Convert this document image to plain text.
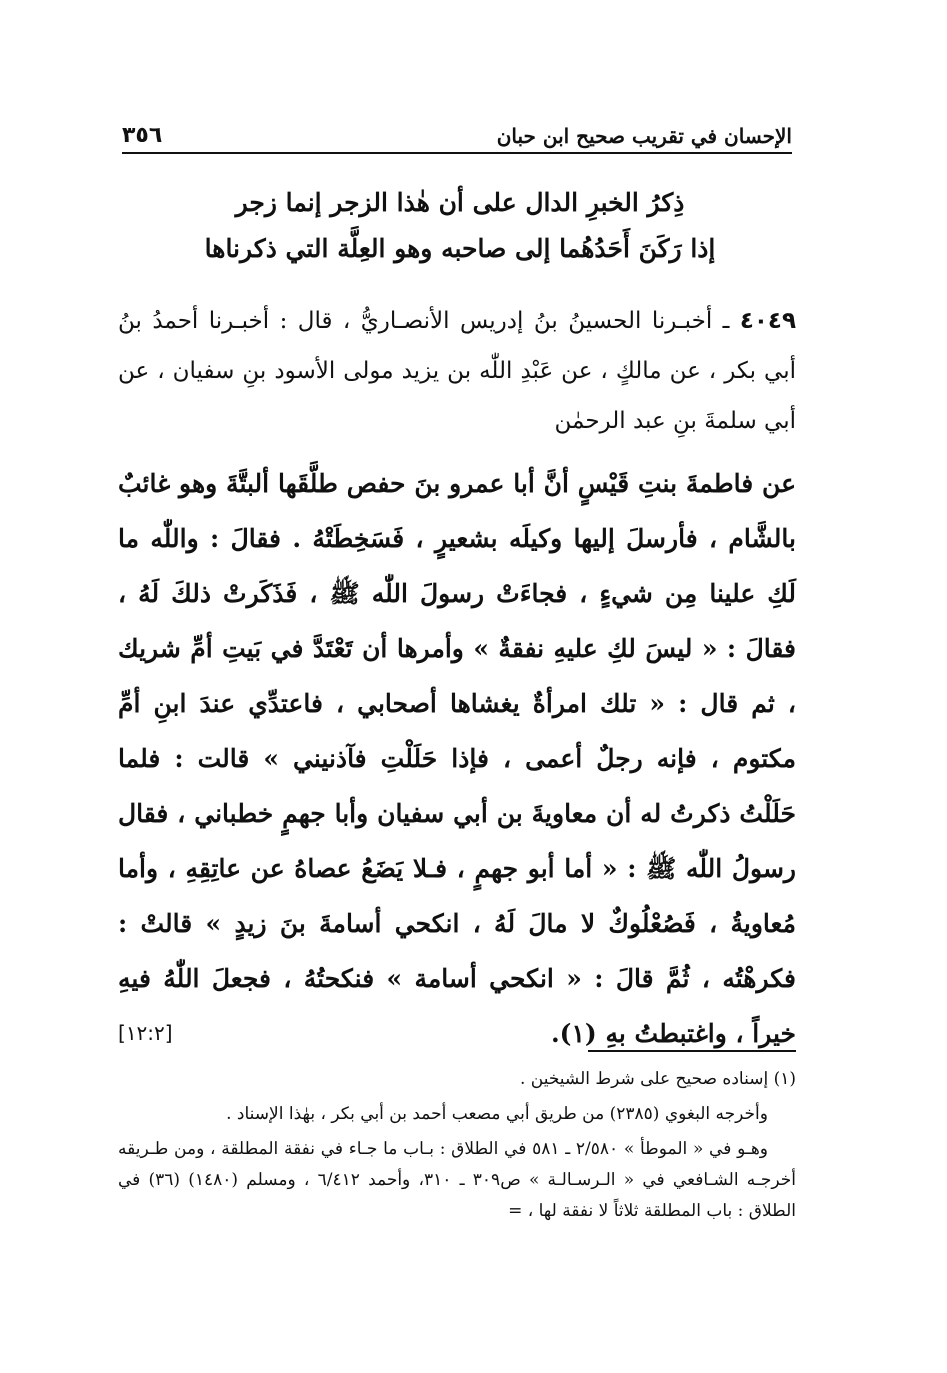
الإحسان في تقريب صحيح ابن حبان
٣٥٦
ذِكرُ الخبرِ الدال على أن هٰذا الزجر إنما زجر
إذا رَكَنَ أَحَدُهُما إلى صاحبه وهو العِلَّة التي ذكرناها
٤٠٤٩ ـ أخبـرنا الحسينُ بنُ إدريس الأنصـاريُّ ، قال : أخبـرنا أحمدُ بنُ أبي بكر ، عن مالكٍ ، عن عَبْدِ اللّٰه بن يزيد مولى الأسود بنِ سفيان ، عن أبي سلمةَ بنِ عبد الرحمٰن
عن فاطمةَ بنتِ قَيْسٍ أنَّ أبا عمرو بنَ حفص طلَّقَها ألبتَّةَ وهو غائبٌ بالشَّام ، فأرسلَ إليها وكيلَه بشعيرٍ ، فَسَخِطَتْهُ . فقالَ : واللّٰه ما لَكِ علينا مِن شيءٍ ، فجاءَتْ رسولَ اللّٰه ﷺ ، فَذَكَرتْ ذلكَ لَهُ ، فقالَ : « ليسَ لكِ عليهِ نفقةٌ » وأمرها أن تَعْتَدَّ في بَيتِ أمِّ شريك ، ثم قال : « تلك امرأةٌ يغشاها أصحابي ، فاعتدِّي عندَ ابنِ أمِّ مكتوم ، فإنه رجلٌ أعمى ، فإذا حَلَلْتِ فآذنيني » قالت : فلما حَلَلْتُ ذكرتُ له أن معاويةَ بن أبي سفيان وأبا جهمٍ خطباني ، فقال رسولُ اللّٰه ﷺ : « أما أبو جهمٍ ، فـلا يَضَعُ عصاهُ عن عاتِقِهِ ، وأما مُعاويةُ ، فَصُعْلُوكٌ لا مالَ لَهُ ، انكحي أسامةَ بنَ زيدٍ » قالتْ : فكرهْتُه ، ثُمَّ قالَ : « انكحي أسامة » فنكحتُهُ ، فجعلَ اللّٰهُ فيهِ خيراً ، واغتبطتُ بهِ (١).
[١٢:٢]

(١) إسناده صحيح على شرط الشيخين .

وأخرجه البغوي (٢٣٨٥) من طريق أبي مصعب أحمد بن أبي بكر ، بهٰذا الإسناد .

وهـو في « الموطأ » ٢/٥٨٠ ـ ٥٨١ في الطلاق : بـاب ما جـاء في نفقة المطلقة ، ومن طـريقه أخرجـه الشـافعي في « الـرسـالـة » ص٣٠٩ ـ ٣١٠، وأحمد ٦/٤١٢ ، ومسلم (١٤٨٠) (٣٦) في الطلاق : باب المطلقة ثلاثاً لا نفقة لها ، =
